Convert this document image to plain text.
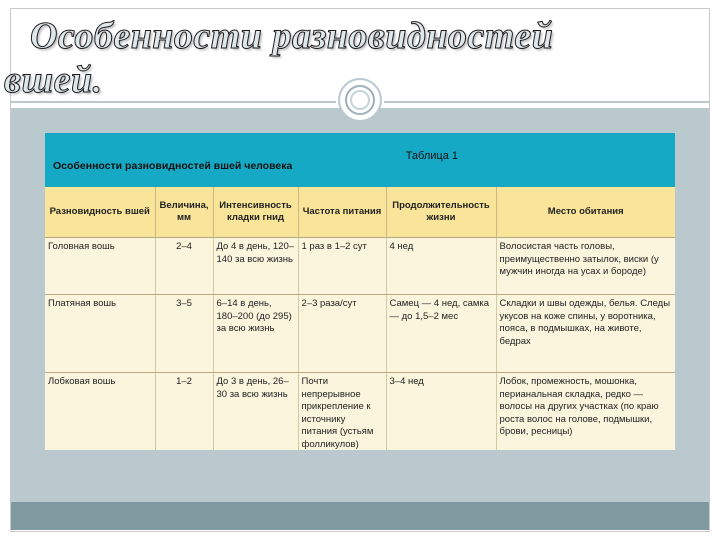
Особенности разновидностей
вшей.
Особенности разновидностей вшей человека
Таблица 1
Разновидность вшей	Величина, мм	Интенсивность кладки гнид	Частота питания	Продолжительность жизни	Место обитания
Головная вошь	2–4	До 4 в день, 120–140 за всю жизнь	1 раз в 1–2 сут	4 нед	Волосистая часть головы, преимущественно затылок, виски (у мужчин иногда на усах и бороде)
Платяная вошь	3–5	6–14 в день, 180–200 (до 295) за всю жизнь	2–3 раза/сут	Самец — 4 нед, самка — до 1,5–2 мес	Складки и швы одежды, белья. Следы укусов на коже спины, у воротника, пояса, в подмышках, на животе, бедрах
Лобковая вошь	1–2	До 3 в день, 26–30 за всю жизнь	Почти непрерывное прикрепление к источнику питания (устьям фолликулов)	3–4 нед	Лобок, промежность, мошонка, перианальная складка, редко — волосы на других участках (по краю роста волос на голове, подмышки, брови, ресницы)
